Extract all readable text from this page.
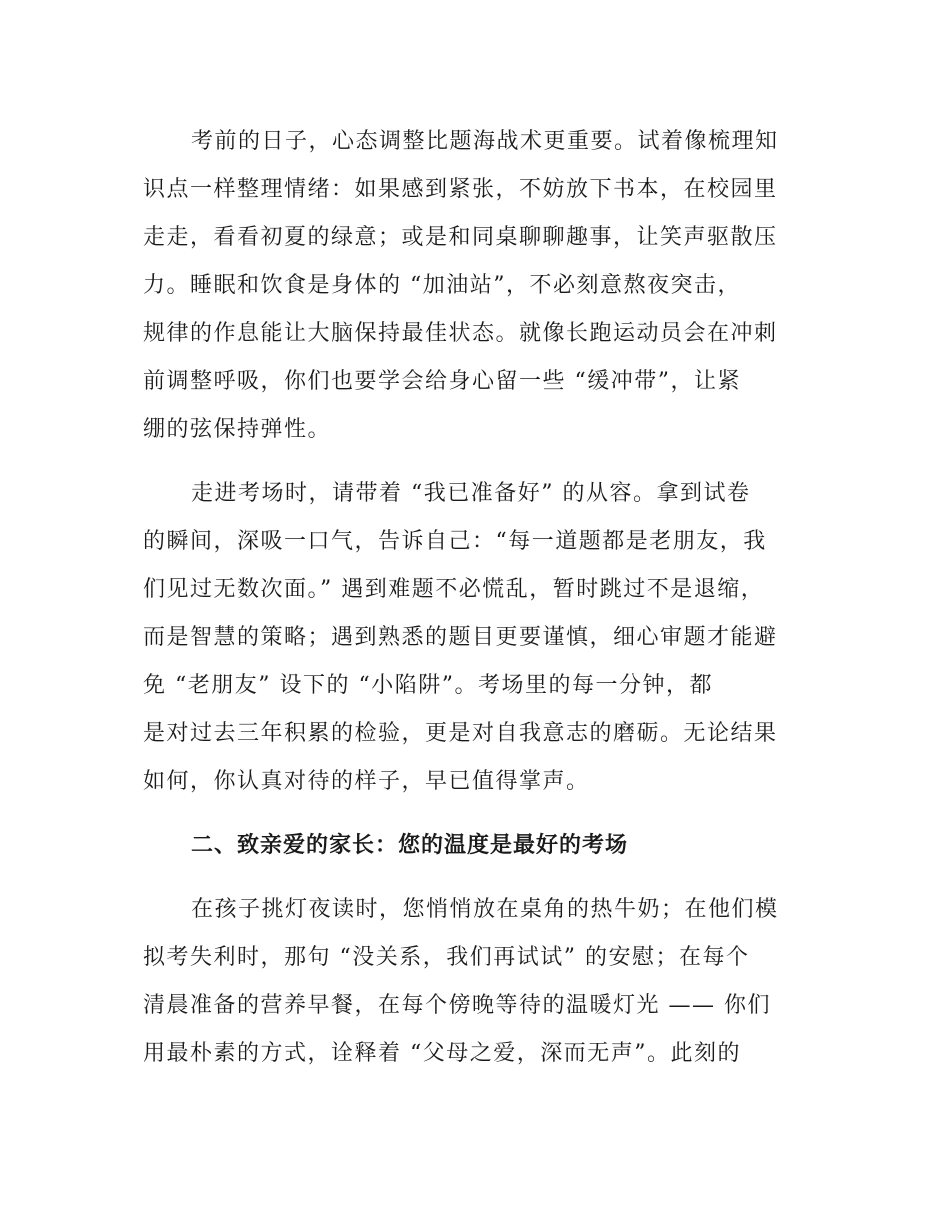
考前的日子，心态调整比题海战术更重要。试着像梳理知
识点一样整理情绪：如果感到紧张，不妨放下书本，在校园里
走走，看看初夏的绿意；或是和同桌聊聊趣事，让笑声驱散压
力。睡眠和饮食是身体的 “加油站”，不必刻意熬夜突击，
规律的作息能让大脑保持最佳状态。就像长跑运动员会在冲刺
前调整呼吸，你们也要学会给身心留一些 “缓冲带”，让紧
绷的弦保持弹性。
走进考场时，请带着 “我已准备好” 的从容。拿到试卷
的瞬间，深吸一口气，告诉自己：“每一道题都是老朋友，我
们见过无数次面。” 遇到难题不必慌乱，暂时跳过不是退缩，
而是智慧的策略；遇到熟悉的题目更要谨慎，细心审题才能避
免 “老朋友” 设下的 “小陷阱”。考场里的每一分钟，都
是对过去三年积累的检验，更是对自我意志的磨砺。无论结果
如何，你认真对待的样子，早已值得掌声。
二、致亲爱的家长：您的温度是最好的考场
在孩子挑灯夜读时，您悄悄放在桌角的热牛奶；在他们模
拟考失利时，那句 “没关系，我们再试试” 的安慰；在每个
清晨准备的营养早餐，在每个傍晚等待的温暖灯光 —— 你们
用最朴素的方式，诠释着 “父母之爱，深而无声”。此刻的
